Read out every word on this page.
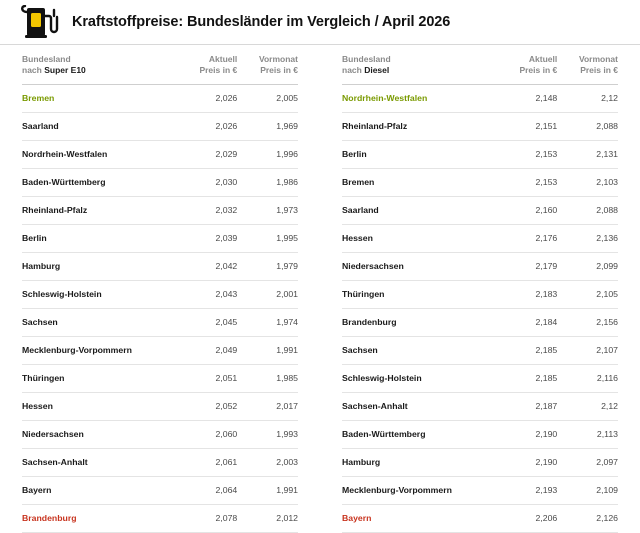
Kraftstoffpreise: Bundesländer im Vergleich / April 2026
Bundesland
nach Super E10	Aktuell
Preis in €	Vormonat
Preis in €

Bremen	2,026	2,005
Saarland	2,026	1,969
Nordrhein-Westfalen	2,029	1,996
Baden-Württemberg	2,030	1,986
Rheinland-Pfalz	2,032	1,973
Berlin	2,039	1,995
Hamburg	2,042	1,979
Schleswig-Holstein	2,043	2,001
Sachsen	2,045	1,974
Mecklenburg-Vorpommern	2,049	1,991
Thüringen	2,051	1,985
Hessen	2,052	2,017
Niedersachsen	2,060	1,993
Sachsen-Anhalt	2,061	2,003
Bayern	2,064	1,991
Brandenburg	2,078	2,012
Bundesland
nach Diesel	Aktuell
Preis in €	Vormonat
Preis in €

Nordrhein-Westfalen	2,148	2,12
Rheinland-Pfalz	2,151	2,088
Berlin	2,153	2,131
Bremen	2,153	2,103
Saarland	2,160	2,088
Hessen	2,176	2,136
Niedersachsen	2,179	2,099
Thüringen	2,183	2,105
Brandenburg	2,184	2,156
Sachsen	2,185	2,107
Schleswig-Holstein	2,185	2,116
Sachsen-Anhalt	2,187	2,12
Baden-Württemberg	2,190	2,113
Hamburg	2,190	2,097
Mecklenburg-Vorpommern	2,193	2,109
Bayern	2,206	2,126
